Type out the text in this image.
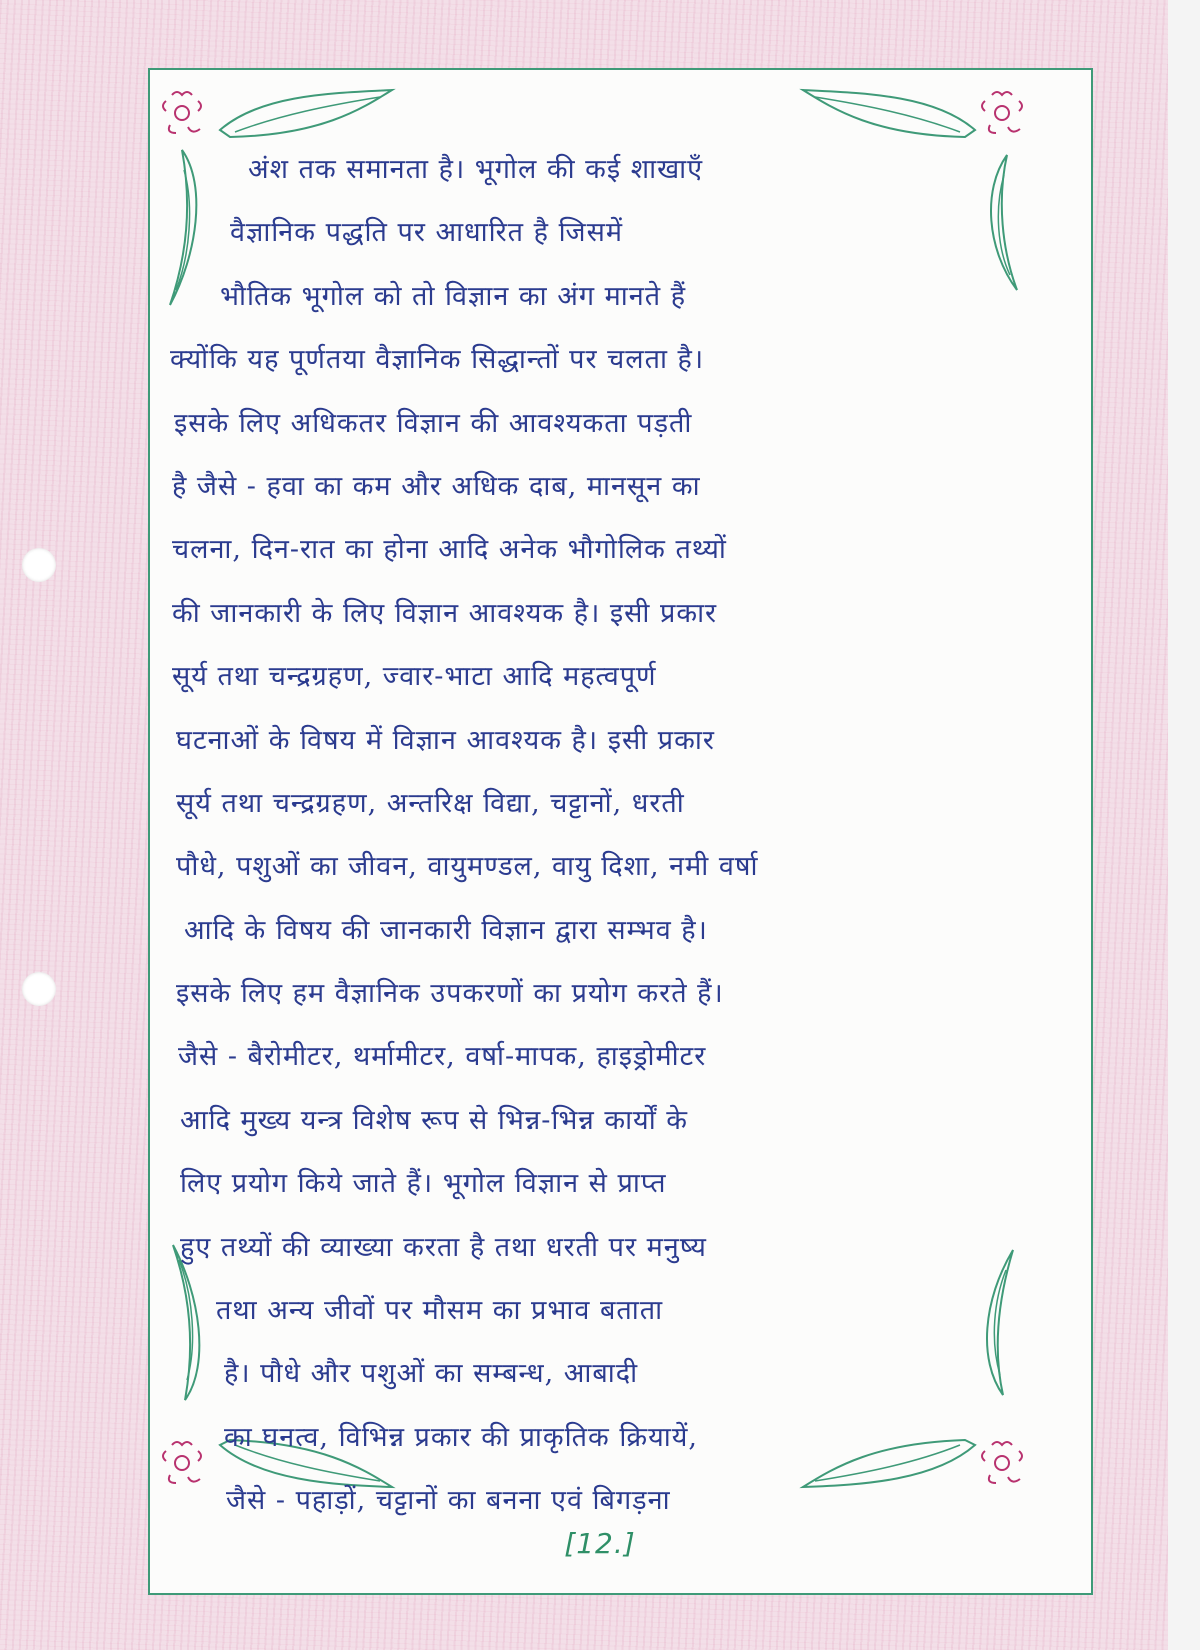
अंश तक समानता है। भूगोल की कई शाखाएँ
वैज्ञानिक पद्धति पर आधारित है जिसमें
भौतिक भूगोल को तो विज्ञान का अंग मानते हैं
क्योंकि यह पूर्णतया वैज्ञानिक सिद्धान्तों पर चलता है।
इसके लिए अधिकतर विज्ञान की आवश्यकता पड़ती
है जैसे - हवा का कम और अधिक दाब, मानसून का
चलना, दिन-रात का होना आदि अनेक भौगोलिक तथ्यों
की जानकारी के लिए विज्ञान आवश्यक है। इसी प्रकार
सूर्य तथा चन्द्रग्रहण, ज्वार-भाटा आदि महत्वपूर्ण
घटनाओं के विषय में विज्ञान आवश्यक है। इसी प्रकार
सूर्य तथा चन्द्रग्रहण, अन्तरिक्ष विद्या, चट्टानों, धरती
पौधे, पशुओं का जीवन, वायुमण्डल, वायु दिशा, नमी वर्षा
आदि के विषय की जानकारी विज्ञान द्वारा सम्भव है।
इसके लिए हम वैज्ञानिक उपकरणों का प्रयोग करते हैं।
जैसे - बैरोमीटर, थर्मामीटर, वर्षा-मापक, हाइड्रोमीटर
आदि मुख्य यन्त्र विशेष रूप से भिन्न-भिन्न कार्यों के
लिए प्रयोग किये जाते हैं। भूगोल विज्ञान से प्राप्त
हुए तथ्यों की व्याख्या करता है तथा धरती पर मनुष्य
तथा अन्य जीवों पर मौसम का प्रभाव बताता
है। पौधे और पशुओं का सम्बन्ध, आबादी
का घनत्व, विभिन्न प्रकार की प्राकृतिक क्रियायें,
जैसे - पहाड़ों, चट्टानों का बनना एवं बिगड़ना
[12.]
